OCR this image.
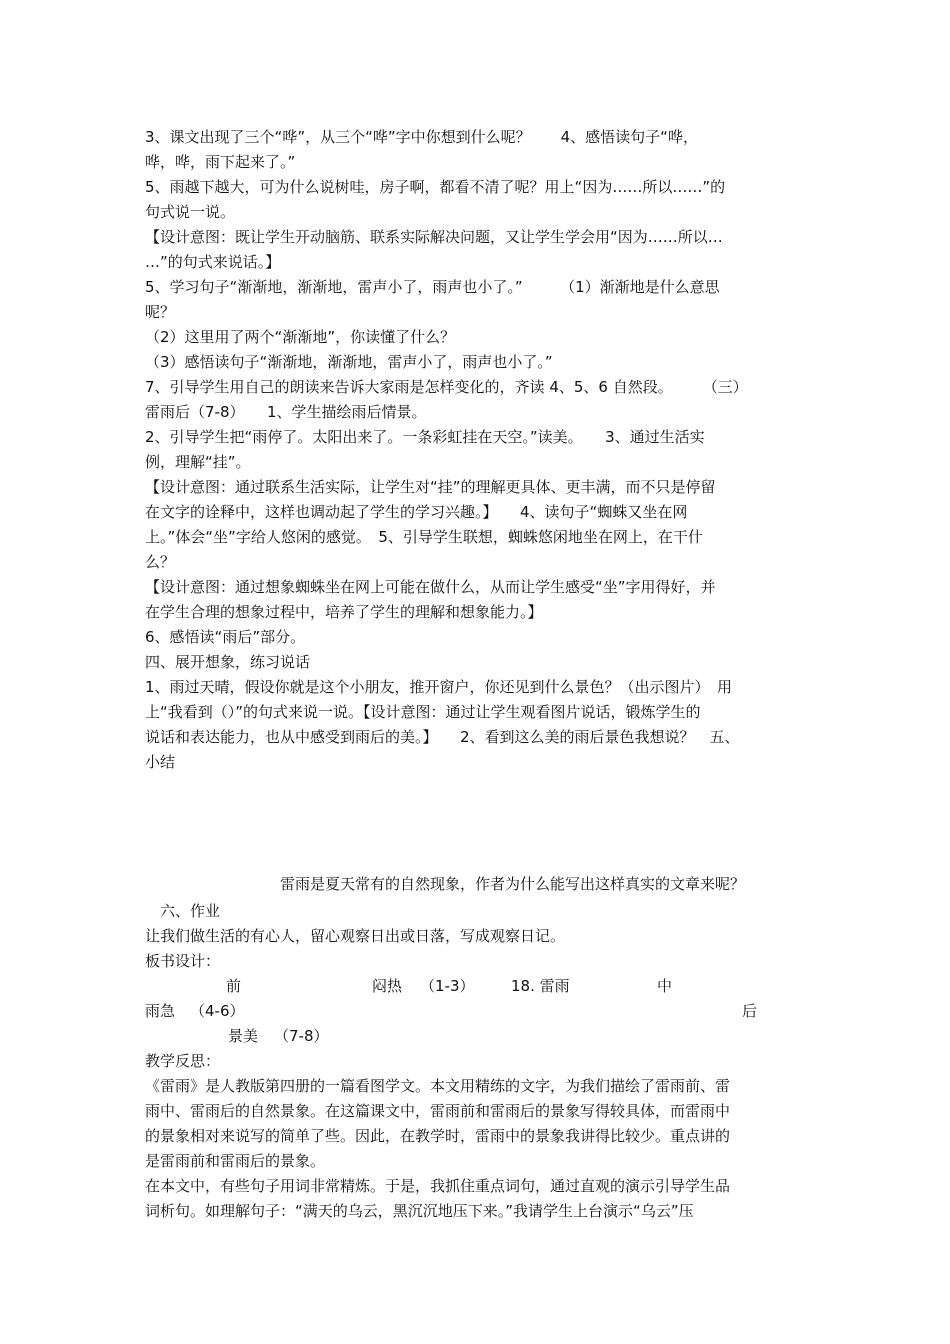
3、课文出现了三个“哗”，从三个“哗”字中你想到什么呢？　　4、感悟读句子“哗，
哗，哗，雨下起来了。”
5、雨越下越大，可为什么说树哇，房子啊，都看不清了呢？用上“因为……所以……”的
句式说一说。
【设计意图：既让学生开动脑筋、联系实际解决问题，又让学生学会用“因为……所以…
…”的句式来说话。】
5、学习句子“渐渐地，渐渐地，雷声小了，雨声也小了。”　　　（1）渐渐地是什么意思
呢？
（2）这里用了两个“渐渐地”，你读懂了什么？
（3）感悟读句子“渐渐地，渐渐地，雷声小了，雨声也小了。”
7、引导学生用自己的朗读来告诉大家雨是怎样变化的，齐读 4、5、6 自然段。　　　（三）
雷雨后（7-8）　　1、学生描绘雨后情景。
2、引导学生把“雨停了。太阳出来了。一条彩虹挂在天空。”读美。　　3、通过生活实
例，理解“挂”。
【设计意图：通过联系生活实际，让学生对“挂”的理解更具体、更丰满，而不只是停留
在文字的诠释中，这样也调动起了学生的学习兴趣。】　　4、读句子“蜘蛛又坐在网
上。”体会“坐”字给人悠闲的感觉。　5、引导学生联想，蜘蛛悠闲地坐在网上，在干什
么？
【设计意图：通过想象蜘蛛坐在网上可能在做什么，从而让学生感受“坐”字用得好，并
在学生合理的想象过程中，培养了学生的理解和想象能力。】
6、感悟读“雨后”部分。
四、展开想象，练习说话
1、雨过天晴，假设你就是这个小朋友，推开窗户，你还见到什么景色？（出示图片）　用
上“我看到（）”的句式来说一说。【设计意图：通过让学生观看图片说话，锻炼学生的
说话和表达能力，也从中感受到雨后的美。】　　2、看到这么美的雨后景色我想说？　五、
小结
雷雨是夏天常有的自然现象，作者为什么能写出这样真实的文章来呢？
六、作业
让我们做生活的有心人，留心观察日出或日落，写成观察日记。
板书设计：
前	闷热 （1-3） 18. 雷雨	中
雨急 （4-6）	后
景美 （7-8）
教学反思：
《雷雨》是人教版第四册的一篇看图学文。本文用精练的文字，为我们描绘了雷雨前、雷
雨中、雷雨后的自然景象。在这篇课文中，雷雨前和雷雨后的景象写得较具体，而雷雨中
的景象相对来说写的简单了些。因此，在教学时，雷雨中的景象我讲得比较少。重点讲的
是雷雨前和雷雨后的景象。
在本文中，有些句子用词非常精炼。于是，我抓住重点词句，通过直观的演示引导学生品
词析句。如理解句子：“满天的乌云，黑沉沉地压下来。”我请学生上台演示“乌云”压
